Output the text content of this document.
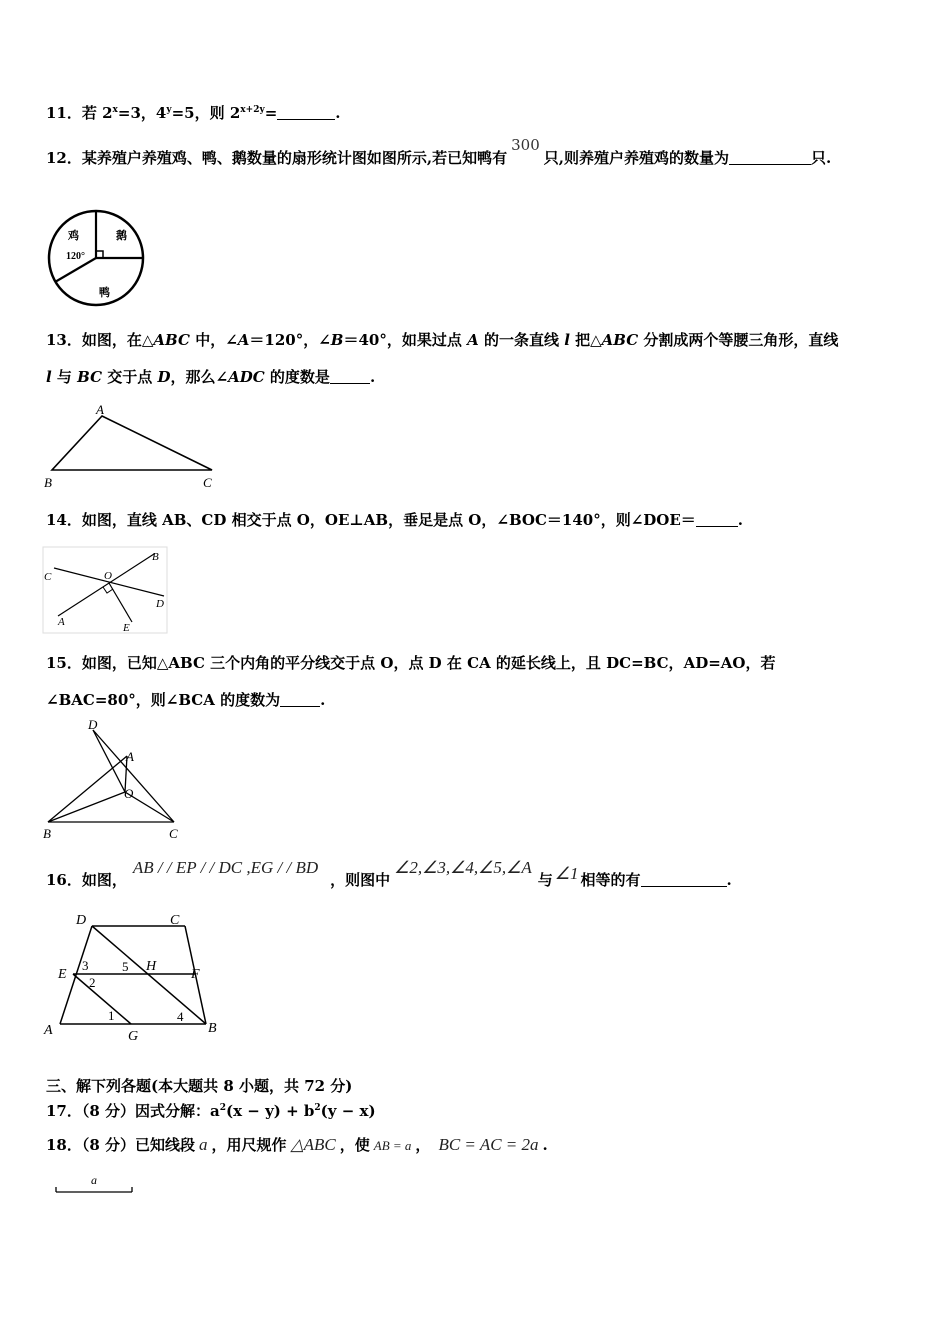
11．若 $2^x=3$，$4^y=5$，则 $2^{x+2y}=$	.
12．某养殖户养殖鸡、鸭、鹅数量的扇形统计图如图所示,若已知鸭有300只,则养殖户养殖鸡的数量为	只.
鸡	鹅
鸭
120°
13．如图，在△ABC 中，∠A＝120°，∠B＝40°，如果过点 A 的一条直线 l 把△ABC 分割成两个等腰三角形，直线
l 与 BC 交于点 D，那么∠ADC 的度数是	.
A
B	C
14．如图，直线 AB、CD 相交于点 O，OE⊥AB，垂足是点 O，∠BOC＝140°，则∠DOE＝	.
B
C	O
D
A	E
15．如图，已知△ABC 三个内角的平分线交于点 O，点 D 在 CA 的延长线上，且 DC=BC，AD=AO，若
∠BAC=80°，则∠BCA 的度数为	.
D
A
O
B	C
16．如图，AB / / EP / / DC ,EG / / BD，则图中∠2,∠3,∠4,∠5,∠A与 ∠1 相等的有	.
D	C
E	F
H
A	G
B
1
2
3
4
5
三、解下列各题(本大题共 8 小题，共 72 分)
17．（8 分）因式分解：$a^2(x - y) + b^2(y - x)$
18．（8 分）已知线段 a ，用尺规作 △ABC ，使 AB = a ， BC = AC = 2a .
a
